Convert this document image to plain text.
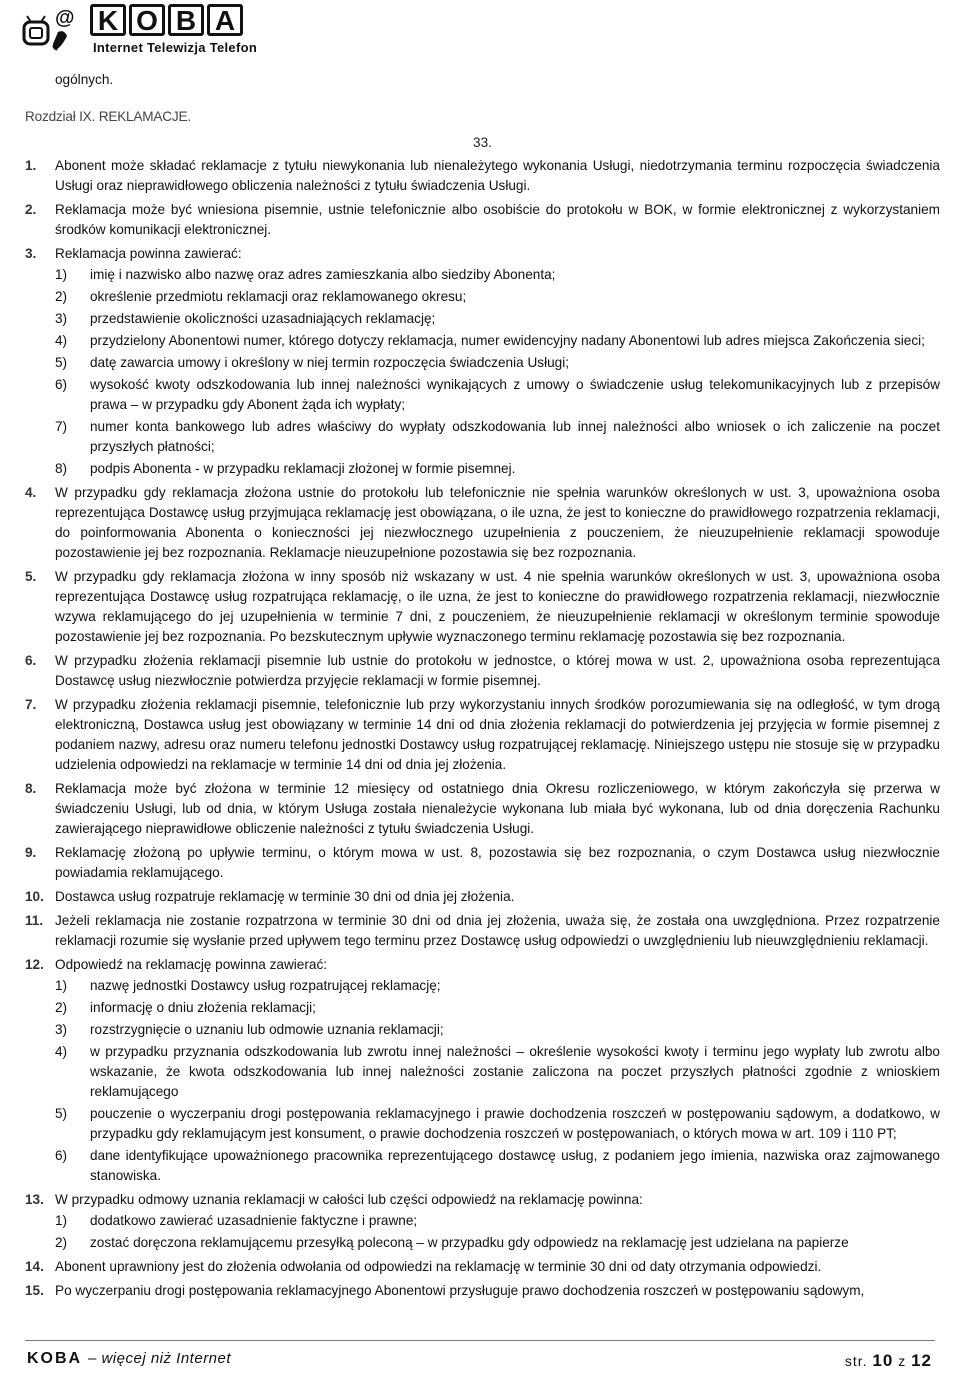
@ K O B A
Internet Telewizja Telefon
ogólnych.
Rozdział IX. REKLAMACJE.
33.
1. Abonent może składać reklamacje z tytułu niewykonania lub nienależytego wykonania Usługi, niedotrzymania terminu rozpoczęcia świadczenia Usługi oraz nieprawidłowego obliczenia należności z tytułu świadczenia Usługi.
2. Reklamacja może być wniesiona pisemnie, ustnie telefonicznie albo osobiście do protokołu w BOK, w formie elektronicznej z wykorzystaniem środków komunikacji elektronicznej.
3. Reklamacja powinna zawierać:
1) imię i nazwisko albo nazwę oraz adres zamieszkania albo siedziby Abonenta;
2) określenie przedmiotu reklamacji oraz reklamowanego okresu;
3) przedstawienie okoliczności uzasadniających reklamację;
4) przydzielony Abonentowi numer, którego dotyczy reklamacja, numer ewidencyjny nadany Abonentowi lub adres miejsca Zakończenia sieci;
5) datę zawarcia umowy i określony w niej termin rozpoczęcia świadczenia Usługi;
6) wysokość kwoty odszkodowania lub innej należności wynikających z umowy o świadczenie usług telekomunikacyjnych lub z przepisów prawa – w przypadku gdy Abonent żąda ich wypłaty;
7) numer konta bankowego lub adres właściwy do wypłaty odszkodowania lub innej należności albo wniosek o ich zaliczenie na poczet przyszłych płatności;
8) podpis Abonenta - w przypadku reklamacji złożonej w formie pisemnej.
4. W przypadku gdy reklamacja złożona ustnie do protokołu lub telefonicznie nie spełnia warunków określonych w ust. 3, upoważniona osoba reprezentująca Dostawcę usług przyjmująca reklamację jest obowiązana, o ile uzna, że jest to konieczne do prawidłowego rozpatrzenia reklamacji, do poinformowania Abonenta o konieczności jej niezwłocznego uzupełnienia z pouczeniem, że nieuzupełnienie reklamacji spowoduje pozostawienie jej bez rozpoznania. Reklamacje nieuzupełnione pozostawia się bez rozpoznania.
5. W przypadku gdy reklamacja złożona w inny sposób niż wskazany w ust. 4 nie spełnia warunków określonych w ust. 3, upoważniona osoba reprezentująca Dostawcę usług rozpatrująca reklamację, o ile uzna, że jest to konieczne do prawidłowego rozpatrzenia reklamacji, niezwłocznie wzywa reklamującego do jej uzupełnienia w terminie 7 dni, z pouczeniem, że nieuzupełnienie reklamacji w określonym terminie spowoduje pozostawienie jej bez rozpoznania. Po bezskutecznym upływie wyznaczonego terminu reklamację pozostawia się bez rozpoznania.
6. W przypadku złożenia reklamacji pisemnie lub ustnie do protokołu w jednostce, o której mowa w ust. 2, upoważniona osoba reprezentująca Dostawcę usług niezwłocznie potwierdza przyjęcie reklamacji w formie pisemnej.
7. W przypadku złożenia reklamacji pisemnie, telefonicznie lub przy wykorzystaniu innych środków porozumiewania się na odległość, w tym drogą elektroniczną, Dostawca usług jest obowiązany w terminie 14 dni od dnia złożenia reklamacji do potwierdzenia jej przyjęcia w formie pisemnej z podaniem nazwy, adresu oraz numeru telefonu jednostki Dostawcy usług rozpatrującej reklamację. Niniejszego ustępu nie stosuje się w przypadku udzielenia odpowiedzi na reklamacje w terminie 14 dni od dnia jej złożenia.
8. Reklamacja może być złożona w terminie 12 miesięcy od ostatniego dnia Okresu rozliczeniowego, w którym zakończyła się przerwa w świadczeniu Usługi, lub od dnia, w którym Usługa została nienależycie wykonana lub miała być wykonana, lub od dnia doręczenia Rachunku zawierającego nieprawidłowe obliczenie należności z tytułu świadczenia Usługi.
9. Reklamację złożoną po upływie terminu, o którym mowa w ust. 8, pozostawia się bez rozpoznania, o czym Dostawca usług niezwłocznie powiadamia reklamującego.
10. Dostawca usług rozpatruje reklamację w terminie 30 dni od dnia jej złożenia.
11. Jeżeli reklamacja nie zostanie rozpatrzona w terminie 30 dni od dnia jej złożenia, uważa się, że została ona uwzględniona. Przez rozpatrzenie reklamacji rozumie się wysłanie przed upływem tego terminu przez Dostawcę usług odpowiedzi o uwzględnieniu lub nieuwzględnieniu reklamacji.
12. Odpowiedź na reklamację powinna zawierać:
1) nazwę jednostki Dostawcy usług rozpatrującej reklamację;
2) informację o dniu złożenia reklamacji;
3) rozstrzygnięcie o uznaniu lub odmowie uznania reklamacji;
4) w przypadku przyznania odszkodowania lub zwrotu innej należności – określenie wysokości kwoty i terminu jego wypłaty lub zwrotu albo wskazanie, że kwota odszkodowania lub innej należności zostanie zaliczona na poczet przyszłych płatności zgodnie z wnioskiem reklamującego
5) pouczenie o wyczerpaniu drogi postępowania reklamacyjnego i prawie dochodzenia roszczeń w postępowaniu sądowym, a dodatkowo, w przypadku gdy reklamującym jest konsument, o prawie dochodzenia roszczeń w postępowaniach, o których mowa w art. 109 i 110 PT;
6) dane identyfikujące upoważnionego pracownika reprezentującego dostawcę usług, z podaniem jego imienia, nazwiska oraz zajmowanego stanowiska.
13. W przypadku odmowy uznania reklamacji w całości lub części odpowiedź na reklamację powinna:
1) dodatkowo zawierać uzasadnienie faktyczne i prawne;
2) zostać doręczona reklamującemu przesyłką poleconą – w przypadku gdy odpowiedz na reklamację jest udzielana na papierze
14. Abonent uprawniony jest do złożenia odwołania od odpowiedzi na reklamację w terminie 30 dni od daty otrzymania odpowiedzi.
15. Po wyczerpaniu drogi postępowania reklamacyjnego Abonentowi przysługuje prawo dochodzenia roszczeń w postępowaniu sądowym,
KOBA – więcej niż Internet	str. 10 z 12
